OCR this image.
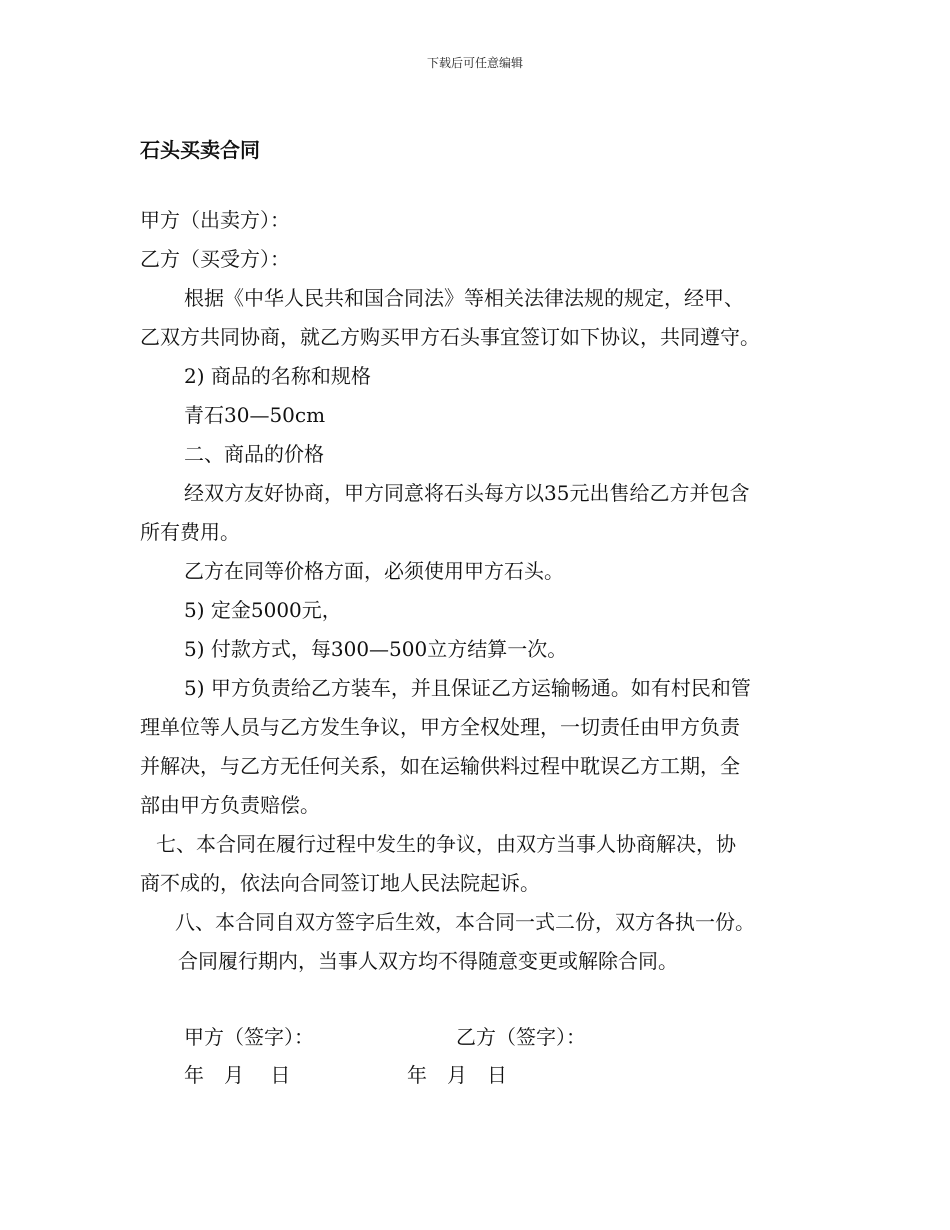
下载后可任意编辑
石头买卖合同
甲方（出卖方）：
乙方（买受方）：
根据《中华人民共和国合同法》等相关法律法规的规定，经甲、
乙双方共同协商，就乙方购买甲方石头事宜签订如下协议，共同遵守。
2) 商品的名称和规格
青石30—50cm
二、商品的价格
经双方友好协商，甲方同意将石头每方以35元出售给乙方并包含
所有费用。
乙方在同等价格方面，必须使用甲方石头。
5) 定金5000元，
5) 付款方式，每300—500立方结算一次。
5) 甲方负责给乙方装车，并且保证乙方运输畅通。如有村民和管
理单位等人员与乙方发生争议，甲方全权处理，一切责任由甲方负责
并解决，与乙方无任何关系，如在运输供料过程中耽误乙方工期，全
部由甲方负责赔偿。
七、本合同在履行过程中发生的争议，由双方当事人协商解决，协
商不成的，依法向合同签订地人民法院起诉。
八、本合同自双方签字后生效，本合同一式二份，双方各执一份。
合同履行期内，当事人双方均不得随意变更或解除合同。
甲方（签字）：	乙方（签字）：
年　月　 日	年　月　日
